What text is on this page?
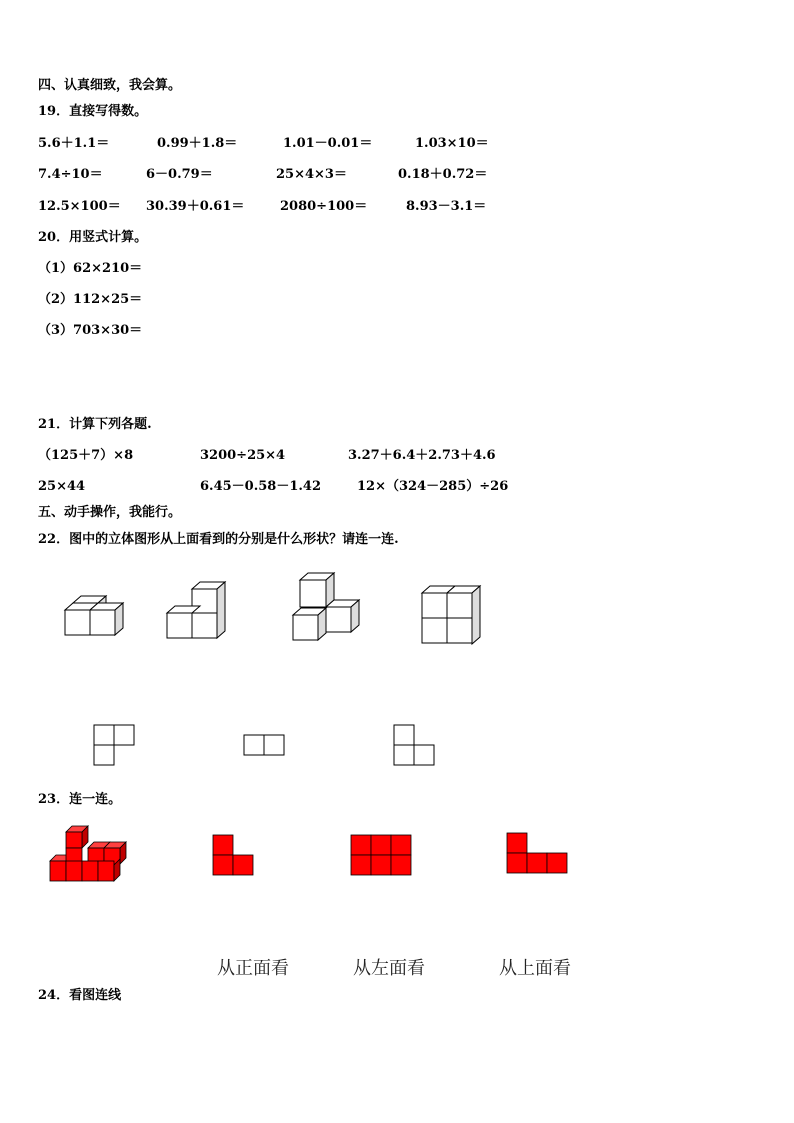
四、认真细致，我会算。
19．直接写得数。
5.6＋1.1＝	0.99＋1.8＝	1.01－0.01＝	1.03×10＝
7.4÷10＝	6－0.79＝	25×4×3＝	0.18＋0.72＝
12.5×100＝ 30.39＋0.61＝	2080÷100＝	8.93－3.1＝
20．用竖式计算。
（1）62×210＝
（2）112×25＝
（3）703×30＝
21．计算下列各题.
（125＋7）×8	3200÷25×4	3.27＋6.4＋2.73＋4.6
25×44	6.45－0.58－1.42	12×（324－285）÷26
五、动手操作，我能行。
22．图中的立体图形从上面看到的分别是什么形状？请连一连.
23．连一连。
从正面看	从左面看	从上面看
24．看图连线
